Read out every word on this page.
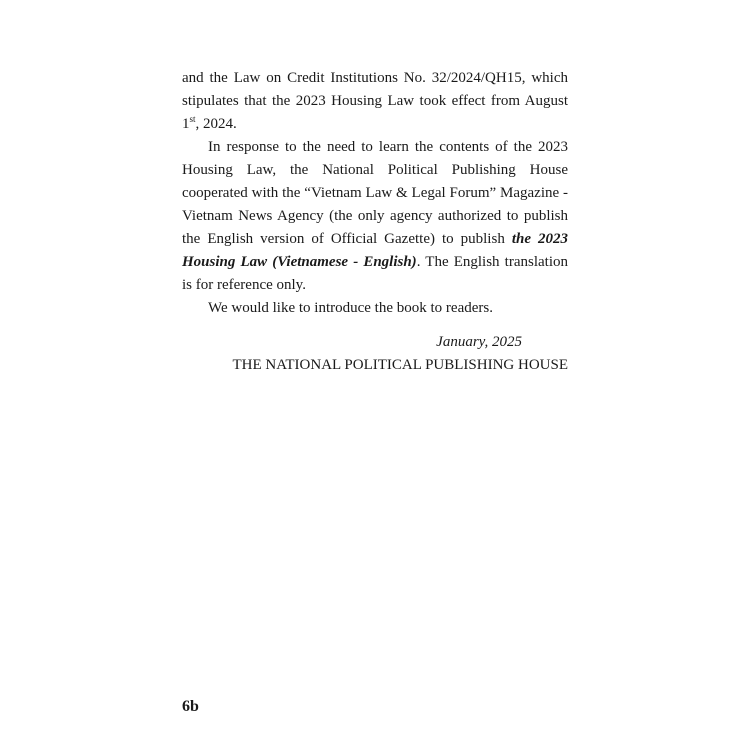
and the Law on Credit Institutions No. 32/2024/QH15, which stipulates that the 2023 Housing Law took effect from August 1st, 2024.

In response to the need to learn the contents of the 2023 Housing Law, the National Political Publishing House cooperated with the “Vietnam Law & Legal Forum” Magazine - Vietnam News Agency (the only agency authorized to publish the English version of Official Gazette) to publish the 2023 Housing Law (Vietnamese - English). The English translation is for reference only.

We would like to introduce the book to readers.

January, 2025

THE NATIONAL POLITICAL PUBLISHING HOUSE

6b
